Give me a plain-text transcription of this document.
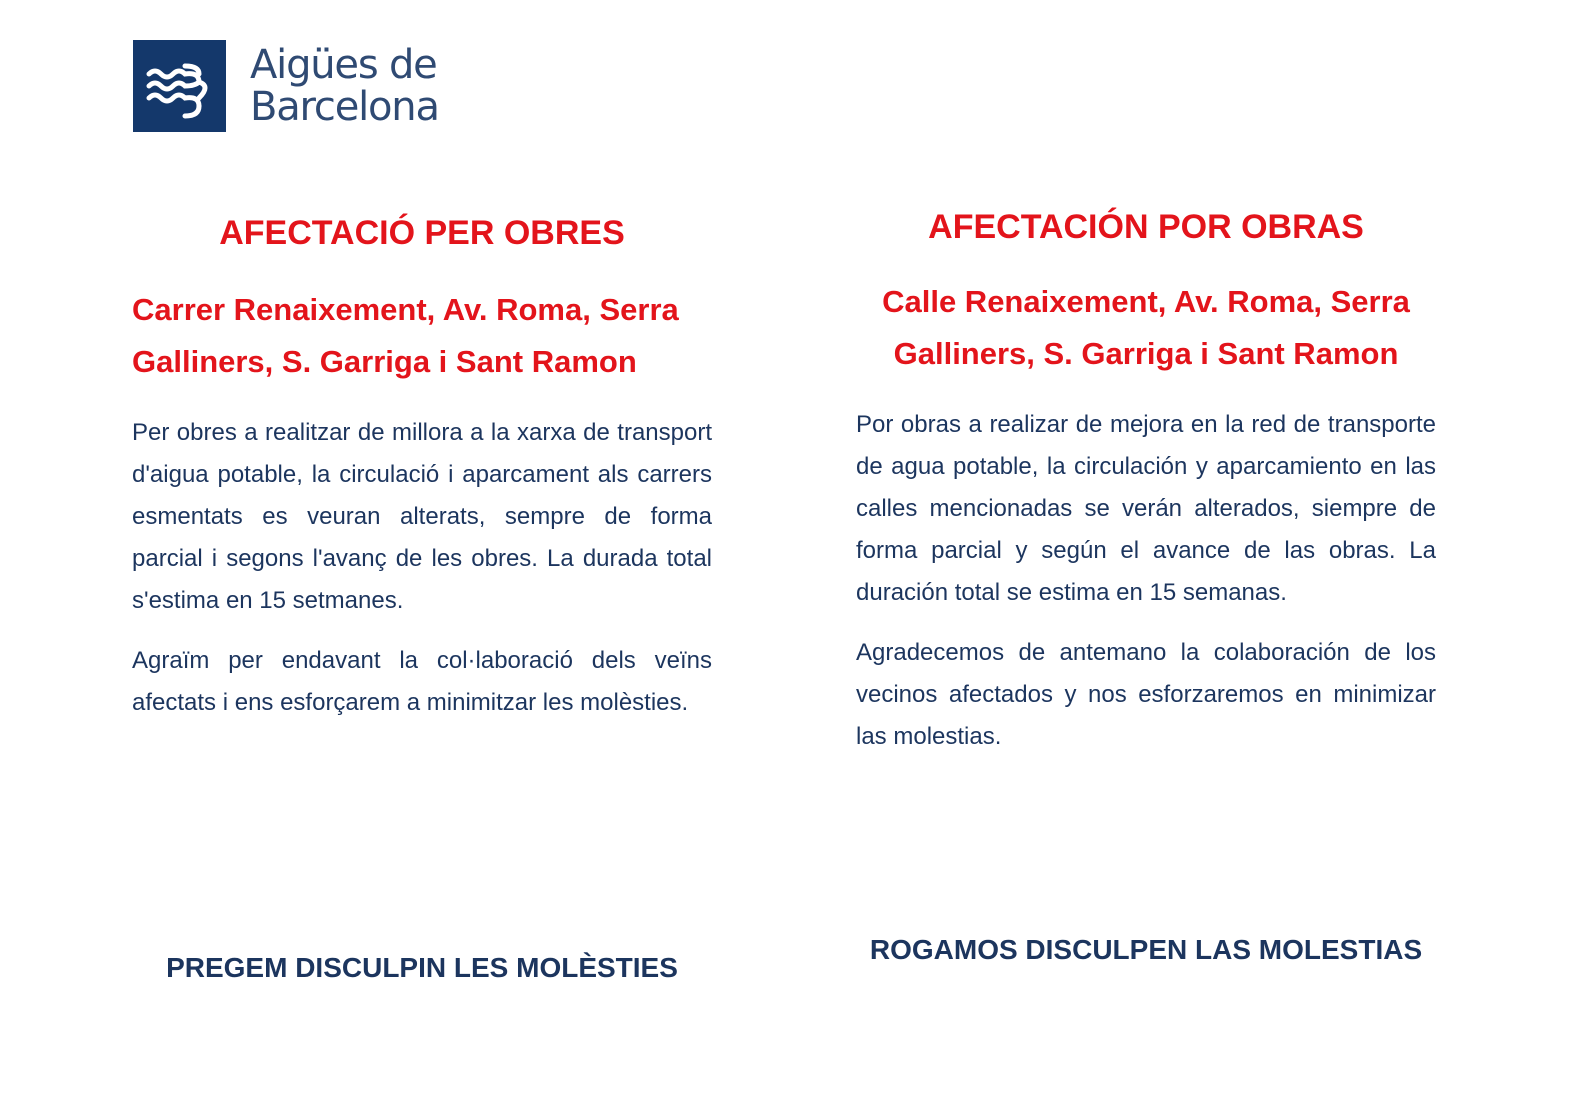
Aigües de
Barcelona
AFECTACIÓ PER OBRES
Carrer Renaixement, Av. Roma, Serra Galliners, S. Garriga i Sant Ramon

Per obres a realitzar de millora a la xarxa de transport d'aigua potable, la circulació i aparcament als carrers esmentats es veuran alterats, sempre de forma parcial i segons l'avanç de les obres. La durada total s'estima en 15 setmanes.

Agraïm per endavant la col·laboració dels veïns afectats i ens esforçarem a minimitzar les molèsties.

AFECTACIÓN POR OBRAS
Calle Renaixement, Av. Roma, Serra Galliners, S. Garriga i Sant Ramon

Por obras a realizar de mejora en la red de transporte de agua potable, la circulación y aparcamiento en las calles mencionadas se verán alterados, siempre de forma parcial y según el avance de las obras. La duración total se estima en 15 semanas.

Agradecemos de antemano la colaboración de los vecinos afectados y nos esforzaremos en minimizar las molestias.

PREGEM DISCULPIN LES MOLÈSTIES

ROGAMOS DISCULPEN LAS MOLESTIAS
